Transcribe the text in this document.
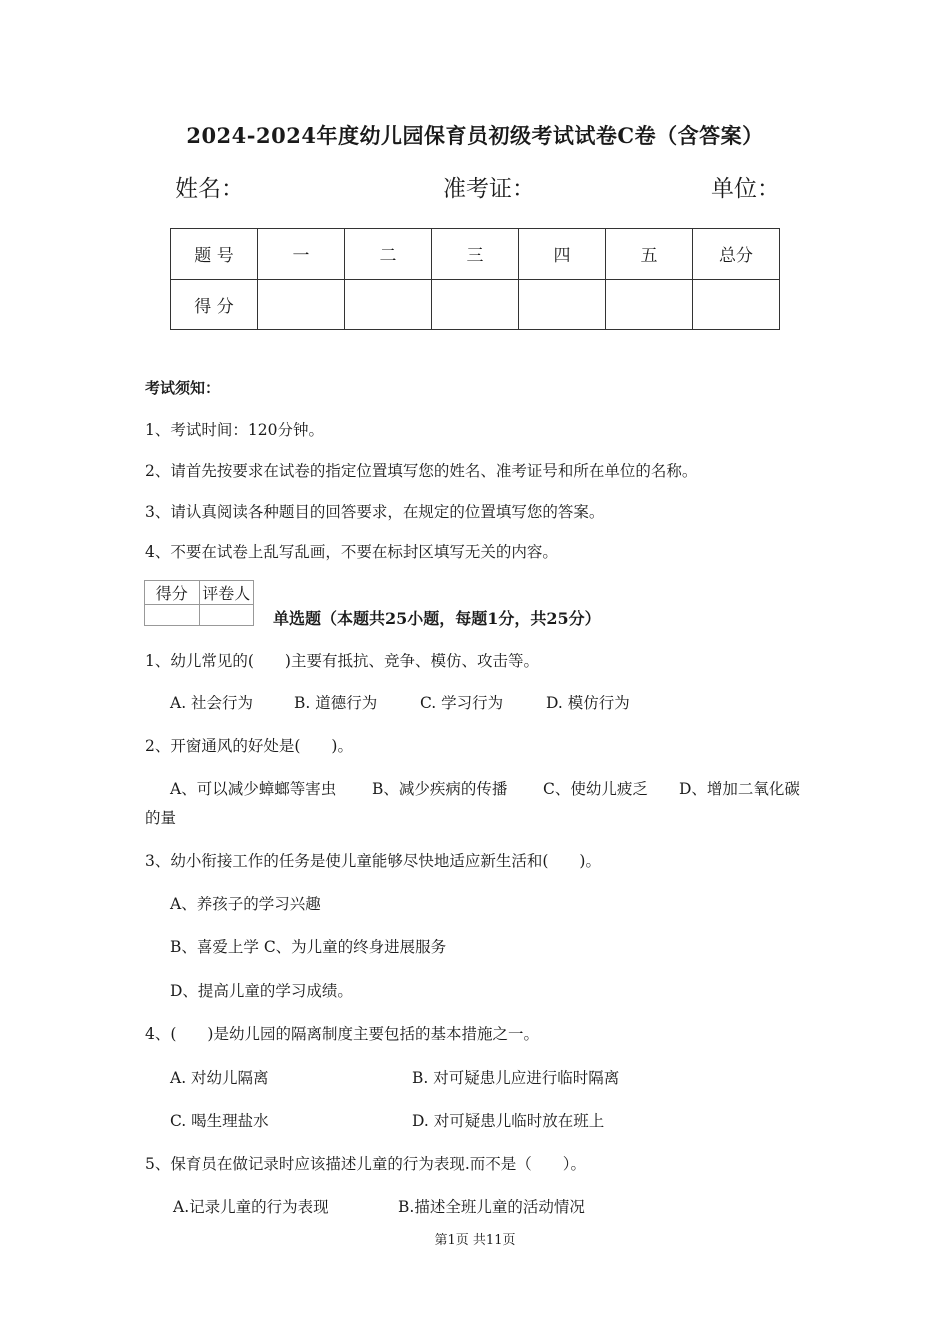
2024-2024年度幼儿园保育员初级考试试卷C卷（含答案）
姓名：	准考证：	单位：
题 号	一	二	三	四	五	总分
得 分						
考试须知：
1、考试时间：120分钟。
2、请首先按要求在试卷的指定位置填写您的姓名、准考证号和所在单位的名称。
3、请认真阅读各种题目的回答要求，在规定的位置填写您的答案。
4、不要在试卷上乱写乱画，不要在标封区填写无关的内容。
得分	评卷人

单选题（本题共25小题，每题1分，共25分）
1、幼儿常见的(　　)主要有抵抗、竞争、模仿、攻击等。
A. 社会行为	B. 道德行为	C. 学习行为	D. 模仿行为
2、开窗通风的好处是(　　)。
A、可以减少蟑螂等害虫 B、减少疾病的传播 C、使幼儿疲乏 D、增加二氧化碳
的量
3、幼小衔接工作的任务是使儿童能够尽快地适应新生活和(　　)。
A、养孩子的学习兴趣
B、喜爱上学 C、为儿童的终身进展服务
D、提高儿童的学习成绩。
4、(　　)是幼儿园的隔离制度主要包括的基本措施之一。
A. 对幼儿隔离	B. 对可疑患儿应进行临时隔离
C. 喝生理盐水	D. 对可疑患儿临时放在班上
5、保育员在做记录时应该描述儿童的行为表现.而不是（　　）。
A.记录儿童的行为表现	B.描述全班儿童的活动情况
第1页 共11页
